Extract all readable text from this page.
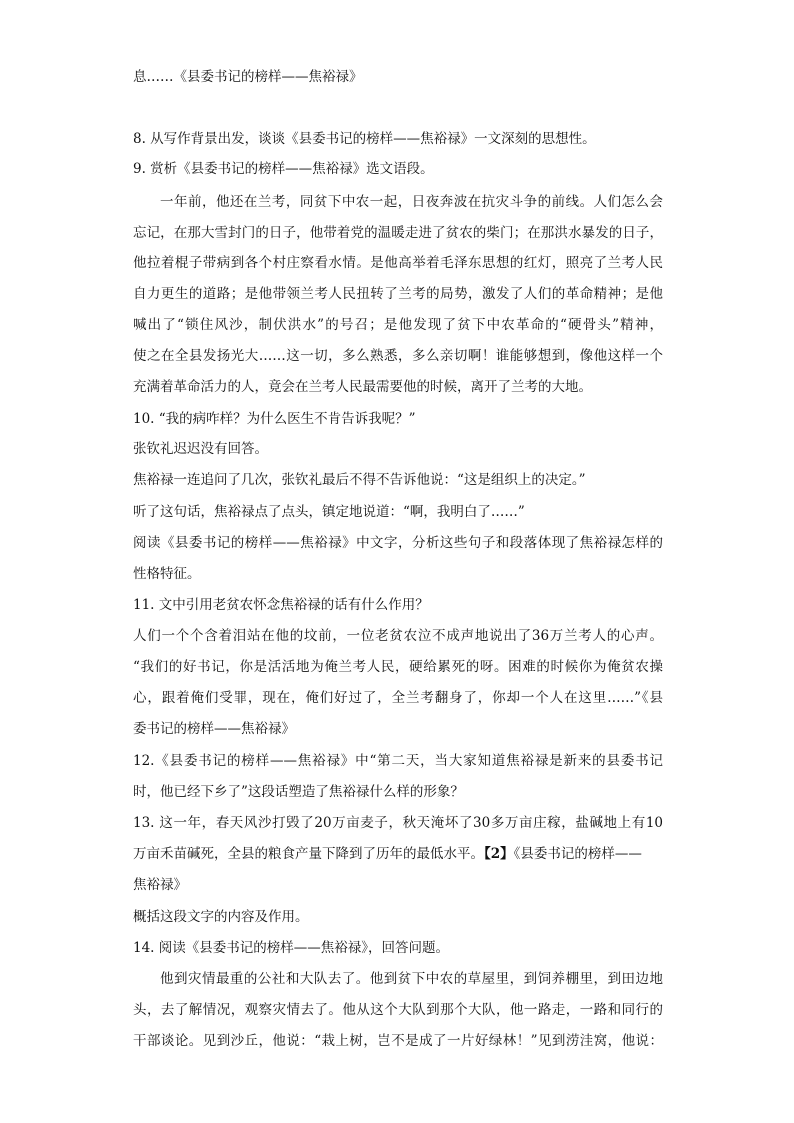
息……《县委书记的榜样——焦裕禄》
8. 从写作背景出发，谈谈《县委书记的榜样——焦裕禄》一文深刻的思想性。
9. 赏析《县委书记的榜样——焦裕禄》选文语段。
一年前，他还在兰考，同贫下中农一起，日夜奔波在抗灾斗争的前线。人们怎么会
忘记，在那大雪封门的日子，他带着党的温暖走进了贫农的柴门；在那洪水暴发的日子，
他拉着棍子带病到各个村庄察看水情。是他高举着毛泽东思想的红灯，照亮了兰考人民
自力更生的道路；是他带领兰考人民扭转了兰考的局势，激发了人们的革命精神；是他
喊出了“锁住风沙，制伏洪水”的号召；是他发现了贫下中农革命的“硬骨头”精神，
使之在全县发扬光大……这一切，多么熟悉，多么亲切啊！谁能够想到，像他这样一个
充满着革命活力的人，竟会在兰考人民最需要他的时候，离开了兰考的大地。
10. “我的病咋样？为什么医生不肯告诉我呢？”
张钦礼迟迟没有回答。
焦裕禄一连追问了几次，张钦礼最后不得不告诉他说：“这是组织上的决定。”
听了这句话，焦裕禄点了点头，镇定地说道：“啊，我明白了……”
阅读《县委书记的榜样——焦裕禄》中文字，分析这些句子和段落体现了焦裕禄怎样的
性格特征。
11. 文中引用老贫农怀念焦裕禄的话有什么作用？
人们一个个含着泪站在他的坟前，一位老贫农泣不成声地说出了36万兰考人的心声。
“我们的好书记，你是活活地为俺兰考人民，硬给累死的呀。困难的时候你为俺贫农操
心，跟着俺们受罪，现在，俺们好过了，全兰考翻身了，你却一个人在这里……”《县
委书记的榜样——焦裕禄》
12.《县委书记的榜样——焦裕禄》中“第二天，当大家知道焦裕禄是新来的县委书记
时，他已经下乡了”这段话塑造了焦裕禄什么样的形象？
13. 这一年，春天风沙打毁了20万亩麦子，秋天淹坏了30多万亩庄稼，盐碱地上有10
万亩禾苗碱死，全县的粮食产量下降到了历年的最低水平。【2】《县委书记的榜样——
焦裕禄》
概括这段文字的内容及作用。
14. 阅读《县委书记的榜样——焦裕禄》，回答问题。
他到灾情最重的公社和大队去了。他到贫下中农的草屋里，到饲养棚里，到田边地
头，去了解情况，观察灾情去了。他从这个大队到那个大队，他一路走，一路和同行的
干部谈论。见到沙丘，他说：“栽上树，岂不是成了一片好绿林！”见到涝洼窝，他说：
